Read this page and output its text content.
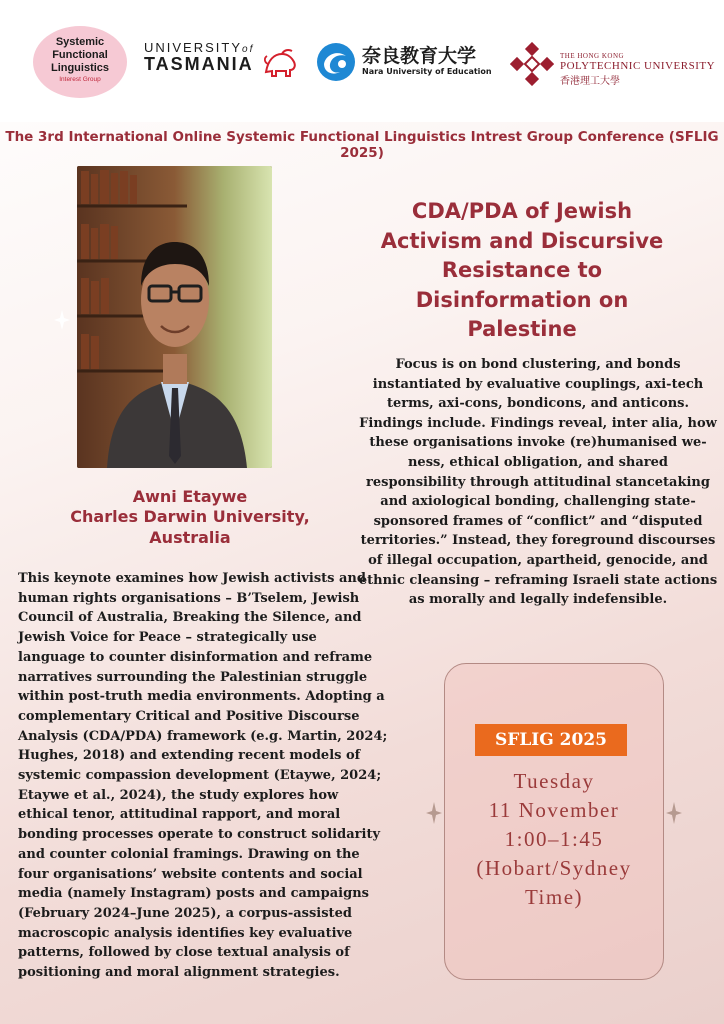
Systemic
Functional
Linguistics
Interest Group
UNIVERSITYof
TASMANIA	奈良教育大学
Nara University of Education
THE HONG KONG
POLYTECHNIC UNIVERSITY
香港理工大學

The 3rd International Online Systemic Functional Linguistics Intrest Group Conference (SFLIG 2025)

Awni Etaywe

Charles Darwin University, Australia

CDA/PDA of Jewish Activism and Discursive Resistance to Disinformation on Palestine

Focus is on bond clustering, and bonds instantiated by evaluative couplings, axi-tech terms, axi-cons, bondicons, and anticons. Findings include. Findings reveal, inter alia, how these organisations invoke (re)humanised we-ness, ethical obligation, and shared responsibility through attitudinal stancetaking and axiological bonding, challenging state-sponsored frames of “conflict” and “disputed territories.” Instead, they foreground discourses of illegal occupation, apartheid, genocide, and ethnic cleansing – reframing Israeli state actions as morally and legally indefensible.

This keynote examines how Jewish activists and human rights organisations – B’Tselem, Jewish Council of Australia, Breaking the Silence, and Jewish Voice for Peace – strategically use language to counter disinformation and reframe narratives surrounding the Palestinian struggle within post-truth media environments. Adopting a complementary Critical and Positive Discourse Analysis (CDA/PDA) framework (e.g. Martin, 2024; Hughes, 2018) and extending recent models of systemic compassion development (Etaywe, 2024; Etaywe et al., 2024), the study explores how ethical tenor, attitudinal rapport, and moral bonding processes operate to construct solidarity and counter colonial framings. Drawing on the four organisations’ website contents and social media (namely Instagram) posts and campaigns (February 2024–June 2025), a corpus-assisted macroscopic analysis identifies key evaluative patterns, followed by close textual analysis of positioning and moral alignment strategies.

SFLIG 2025

Tuesday
11 November
1:00–1:45
(Hobart/Sydney
Time)
